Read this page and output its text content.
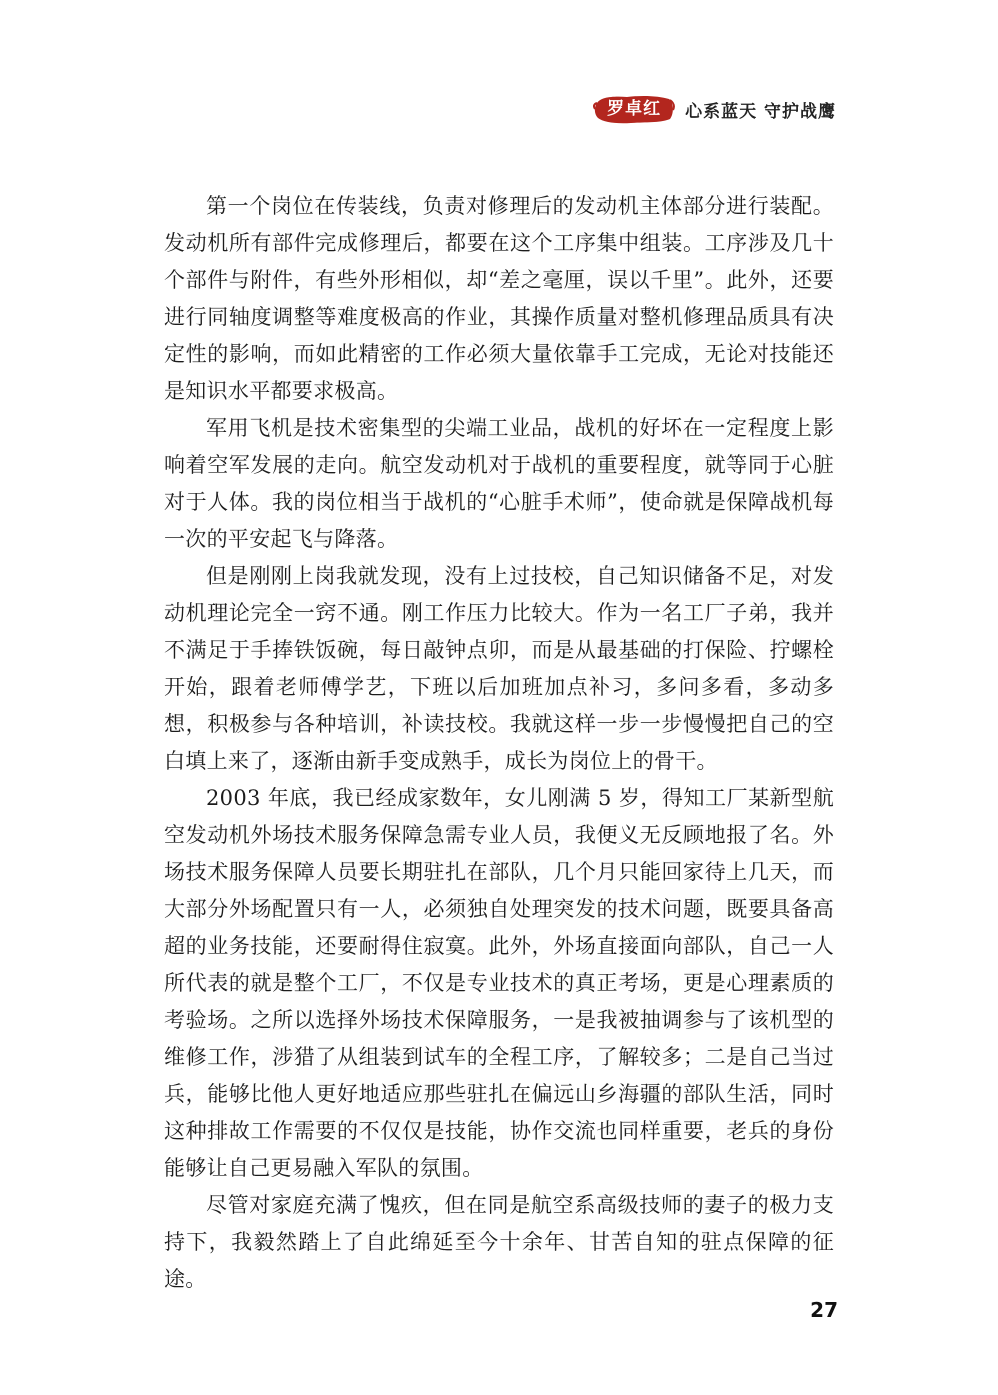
罗卓红	心系蓝天 守护战鹰

第一个岗位在传装线，负责对修理后的发动机主体部分进行装配。发动机所有部件完成修理后，都要在这个工序集中组装。工序涉及几十个部件与附件，有些外形相似，却“差之毫厘，误以千里”。此外，还要进行同轴度调整等难度极高的作业，其操作质量对整机修理品质具有决定性的影响，而如此精密的工作必须大量依靠手工完成，无论对技能还是知识水平都要求极高。

军用飞机是技术密集型的尖端工业品，战机的好坏在一定程度上影响着空军发展的走向。航空发动机对于战机的重要程度，就等同于心脏对于人体。我的岗位相当于战机的“心脏手术师”，使命就是保障战机每一次的平安起飞与降落。

但是刚刚上岗我就发现，没有上过技校，自己知识储备不足，对发动机理论完全一窍不通。刚工作压力比较大。作为一名工厂子弟，我并不满足于手捧铁饭碗，每日敲钟点卯，而是从最基础的打保险、拧螺栓开始，跟着老师傅学艺，下班以后加班加点补习，多问多看，多动多想，积极参与各种培训，补读技校。我就这样一步一步慢慢把自己的空白填上来了，逐渐由新手变成熟手，成长为岗位上的骨干。

2003 年底，我已经成家数年，女儿刚满 5 岁，得知工厂某新型航空发动机外场技术服务保障急需专业人员，我便义无反顾地报了名。外场技术服务保障人员要长期驻扎在部队，几个月只能回家待上几天，而大部分外场配置只有一人，必须独自处理突发的技术问题，既要具备高超的业务技能，还要耐得住寂寞。此外，外场直接面向部队，自己一人所代表的就是整个工厂，不仅是专业技术的真正考场，更是心理素质的考验场。之所以选择外场技术保障服务，一是我被抽调参与了该机型的维修工作，涉猎了从组装到试车的全程工序，了解较多；二是自己当过兵，能够比他人更好地适应那些驻扎在偏远山乡海疆的部队生活，同时这种排故工作需要的不仅仅是技能，协作交流也同样重要，老兵的身份能够让自己更易融入军队的氛围。

尽管对家庭充满了愧疚，但在同是航空系高级技师的妻子的极力支持下，我毅然踏上了自此绵延至今十余年、甘苦自知的驻点保障的征途。

27
